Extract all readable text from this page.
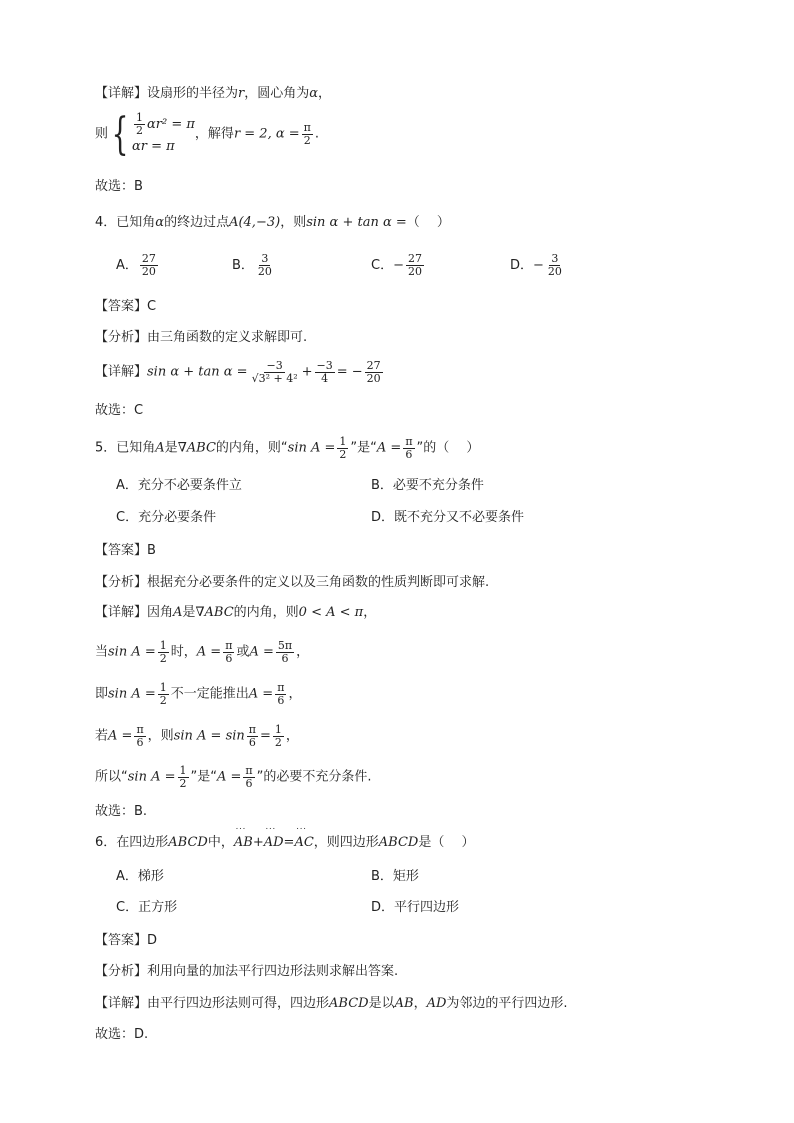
【详解】设扇形的半径为r，圆心角为α，
则{ $\frac{1}{2} \alpha r^2 = \pi$
αr = π
，解得r = 2, $\alpha = \frac{\pi}{2}$ .
故选：B
4．已知角α的终边过点A(4,−3)，则sin α + tan α =（　 ）
A． $\frac{27}{20}$	B． $\frac{3}{20}$	C．− $\frac{27}{20}$	D．− $\frac{3}{20}$
【答案】C
【分析】由三角函数的定义求解即可.
【详解】$\sin \alpha + \tan \alpha = \frac{-3}{\text{√3² + 4²}} + \frac{-3}{4}$ = − $\frac{27}{20}$
故选：C
5．已知角A是∇ABC的内角，则“sin $A = \frac{1}{2}$ ”是“$A = \frac{\pi}{6}$ ”的（　 ）
A．充分不必要条件立	B．必要不充分条件
C．充分必要条件	D．既不充分又不必要条件
【答案】B
【分析】根据充分必要条件的定义以及三角函数的性质判断即可求解.
【详解】因角A是∇ABC的内角，则0 < A < π，
当$\sin A = \frac{1}{2}$ 时，$A = \frac{\pi}{6}$ 或$A = \frac{5\pi}{6}$ ，
即$\sin A = \frac{1}{2}$ 不一定能推出$A = \frac{\pi}{6}$ ，
若$A = \frac{\pi}{6}$ ，则$\sin A = \sin \frac{\pi}{6} = \frac{1}{2}$ ，
所以“sin $A = \frac{1}{2}$ ”是“$A = \frac{\pi}{6}$ ”的必要不充分条件.
故选：B.
6．在四边形ABCD中，˙˙˙ AB+˙˙˙ AD=˙˙˙ AC，则四边形ABCD是（　 ）
A．梯形	B．矩形
C．正方形	D．平行四边形
【答案】D
【分析】利用向量的加法平行四边形法则求解出答案.
【详解】由平行四边形法则可得，四边形ABCD是以AB，AD为邻边的平行四边形.
故选：D.
